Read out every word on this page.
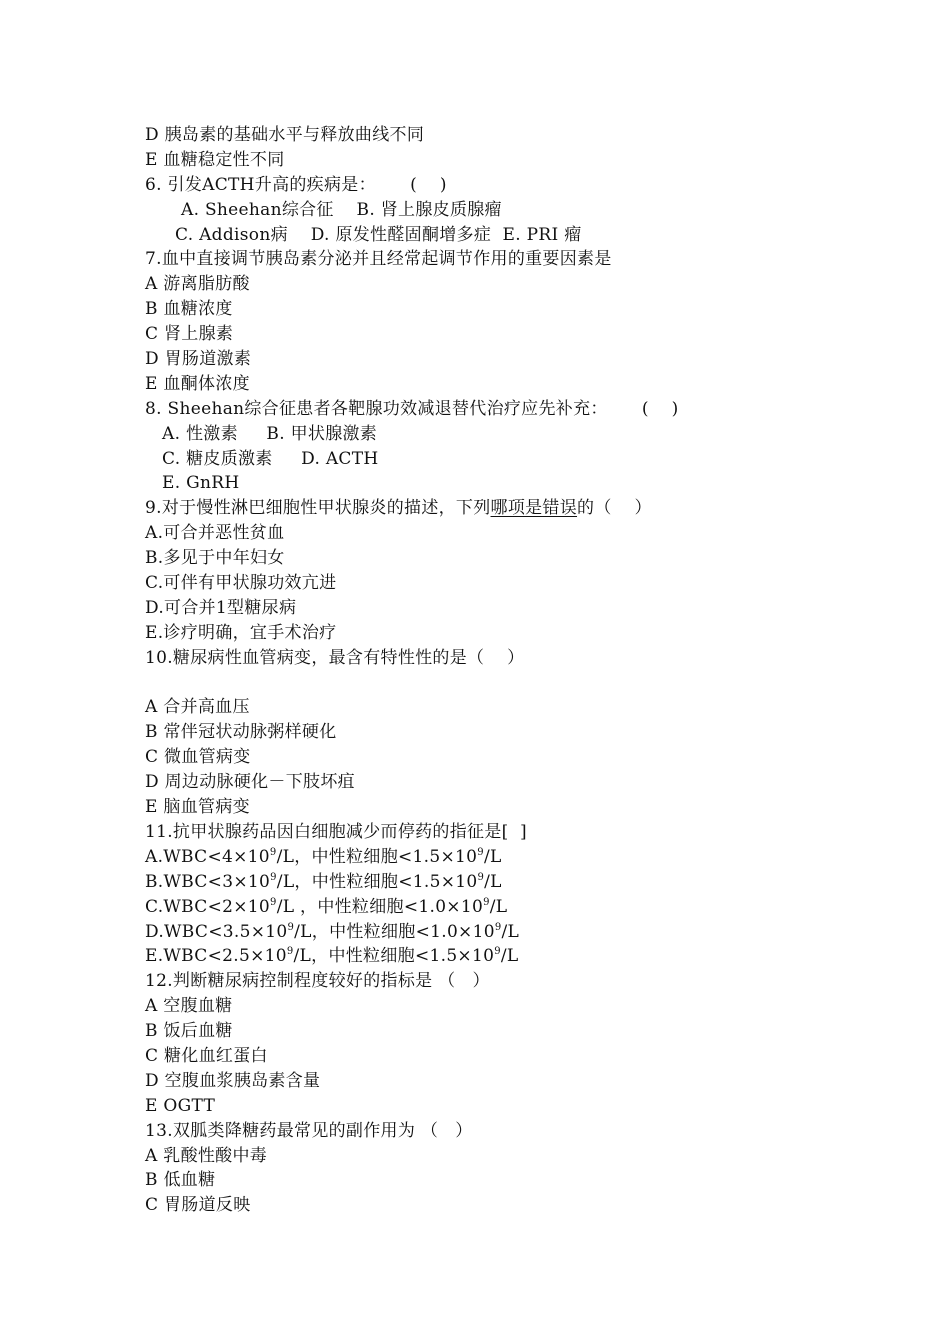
D 胰岛素的基础水平与释放曲线不同
E 血糖稳定性不同
6. 引发ACTH升高的疾病是：      (    )
A. Sheehan综合征    B. 肾上腺皮质腺瘤
C. Addison病    D. 原发性醛固酮增多症  E. PRI 瘤
7.血中直接调节胰岛素分泌并且经常起调节作用的重要因素是
A 游离脂肪酸
B 血糖浓度
C 肾上腺素
D 胃肠道激素
E 血酮体浓度
8. Sheehan综合征患者各靶腺功效减退替代治疗应先补充：      (    )
A. 性激素     B. 甲状腺激素
C. 糖皮质激素     D. ACTH
E. GnRH
9.对于慢性淋巴细胞性甲状腺炎的描述，下列哪项是错误的（    ）
A.可合并恶性贫血
B.多见于中年妇女
C.可伴有甲状腺功效亢进
D.可合并1型糖尿病
E.诊疗明确，宜手术治疗
10.糖尿病性血管病变，最含有特性性的是（    ）
A 合并高血压
B 常伴冠状动脉粥样硬化
C 微血管病变
D 周边动脉硬化－下肢坏疽
E 脑血管病变
11.抗甲状腺药品因白细胞减少而停药的指征是[  ]
$A.WBC<4\times 10^9/L$，中性粒细胞$<1.5\times 10^9/L$
$B.WBC<3\times 10^9/L$，中性粒细胞$<1.5\times 10^9/L$
$C.WBC<2\times 10^9/L$ ，中性粒细胞$<1.0\times 10^9/L$
$D.WBC<3.5\times 10^9/L$，中性粒细胞$<1.0\times 10^9/L$
$E.WBC<2.5\times 10^9/L$，中性粒细胞$<1.5\times 10^9/L$
12.判断糖尿病控制程度较好的指标是 （   ）
A 空腹血糖
B 饭后血糖
C 糖化血红蛋白
D 空腹血浆胰岛素含量
E OGTT
13.双胍类降糖药最常见的副作用为 （   ）
A 乳酸性酸中毒
B 低血糖
C 胃肠道反映
